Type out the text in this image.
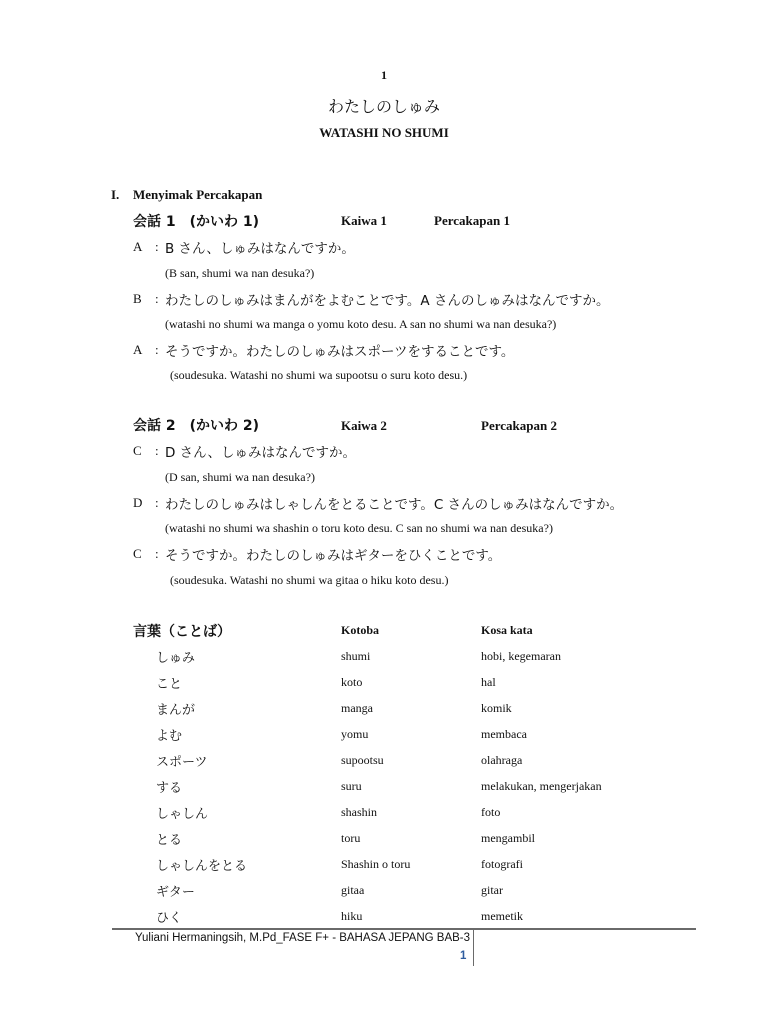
1
わたしのしゅみ
WATASHI NO SHUMI
I. Menyimak Percakapan
会話 1　(かいわ 1)	Kaiwa 1	Percakapan 1
A : B さん、しゅみはなんですか。
(B san, shumi wa nan desuka?)
B : わたしのしゅみはまんがをよむことです。A さんのしゅみはなんですか。
(watashi no shumi wa manga o yomu koto desu. A san no shumi wa nan desuka?)
A : そうですか。わたしのしゅみはスポーツをすることです。
(soudesuka. Watashi no shumi wa supootsu o suru koto desu.)
会話 2　(かいわ 2)	Kaiwa 2	Percakapan 2
C : D さん、しゅみはなんですか。
(D san, shumi wa nan desuka?)
D : わたしのしゅみはしゃしんをとることです。C さんのしゅみはなんですか。
(watashi no shumi wa shashin o toru koto desu. C san no shumi wa nan desuka?)
C : そうですか。わたしのしゅみはギターをひくことです。
(soudesuka. Watashi no shumi wa gitaa o hiku koto desu.)
言葉（ことば）	Kotoba	Kosa kata
しゅみ	shumi	hobi, kegemaran
こと	koto	hal
まんが	manga	komik
よむ	yomu	membaca
スポーツ	supootsu	olahraga
する	suru	melakukan, mengerjakan
しゃしん	shashin	foto
とる	toru	mengambil
しゃしんをとる	Shashin o toru	fotografi
ギター	gitaa	gitar
ひく	hiku	memetik
Yuliani Hermaningsih, M.Pd_FASE F+ - BAHASA JEPANG BAB-3
1
